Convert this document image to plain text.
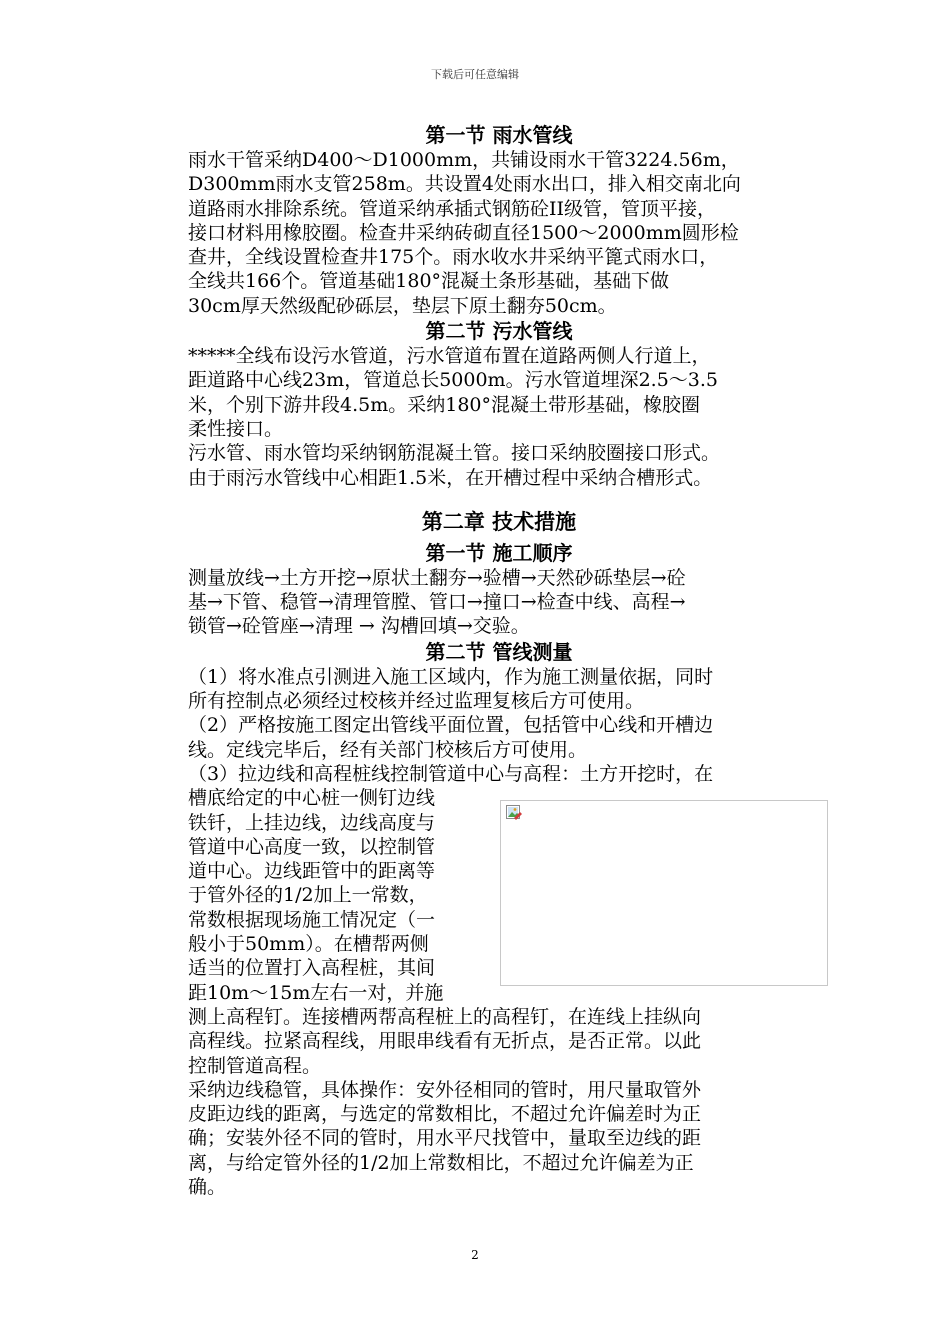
下载后可任意编辑
第一节 雨水管线

雨水干管采纳D400～D1000mm，共铺设雨水干管3224.56m，

D300mm雨水支管258m。共设置4处雨水出口，排入相交南北向

道路雨水排除系统。管道采纳承插式钢筋砼II级管，管顶平接，

接口材料用橡胶圈。检查井采纳砖砌直径1500～2000mm圆形检

查井，全线设置检查井175个。雨水收水井采纳平篦式雨水口，

全线共166个。管道基础180°混凝土条形基础，基础下做

30cm厚天然级配砂砾层，垫层下原土翻夯50cm。

第二节 污水管线

*****全线布设污水管道，污水管道布置在道路两侧人行道上，

距道路中心线23m，管道总长5000m。污水管道埋深2.5～3.5

米，个别下游井段4.5m。采纳180°混凝土带形基础，橡胶圈

柔性接口。

污水管、雨水管均采纳钢筋混凝土管。接口采纳胶圈接口形式。

由于雨污水管线中心相距1.5米，在开槽过程中采纳合槽形式。

第二章 技术措施
第一节 施工顺序

测量放线→土方开挖→原状土翻夯→验槽→天然砂砾垫层→砼

基→下管、稳管→清理管膛、管口→撞口→检查中线、高程→

锁管→砼管座→清理 → 沟槽回填→交验。

第二节 管线测量

（1）将水准点引测进入施工区域内，作为施工测量依据，同时

所有控制点必须经过校核并经过监理复核后方可使用。

（2）严格按施工图定出管线平面位置，包括管中心线和开槽边

线。定线完毕后，经有关部门校核后方可使用。

（3）拉边线和高程桩线控制管道中心与高程：土方开挖时，在

槽底给定的中心桩一侧钉边线

铁钎，上挂边线，边线高度与

管道中心高度一致，以控制管

道中心。边线距管中的距离等

于管外径的1/2加上一常数，

常数根据现场施工情况定（一

般小于50mm）。在槽帮两侧

适当的位置打入高程桩，其间

距10m～15m左右一对，并施

测上高程钉。连接槽两帮高程桩上的高程钉，在连线上挂纵向

高程线。拉紧高程线，用眼串线看有无折点，是否正常。以此

控制管道高程。

采纳边线稳管，具体操作：安外径相同的管时，用尺量取管外

皮距边线的距离，与选定的常数相比，不超过允许偏差时为正

确；安装外径不同的管时，用水平尺找管中，量取至边线的距

离，与给定管外径的1/2加上常数相比，不超过允许偏差为正

确。

2
